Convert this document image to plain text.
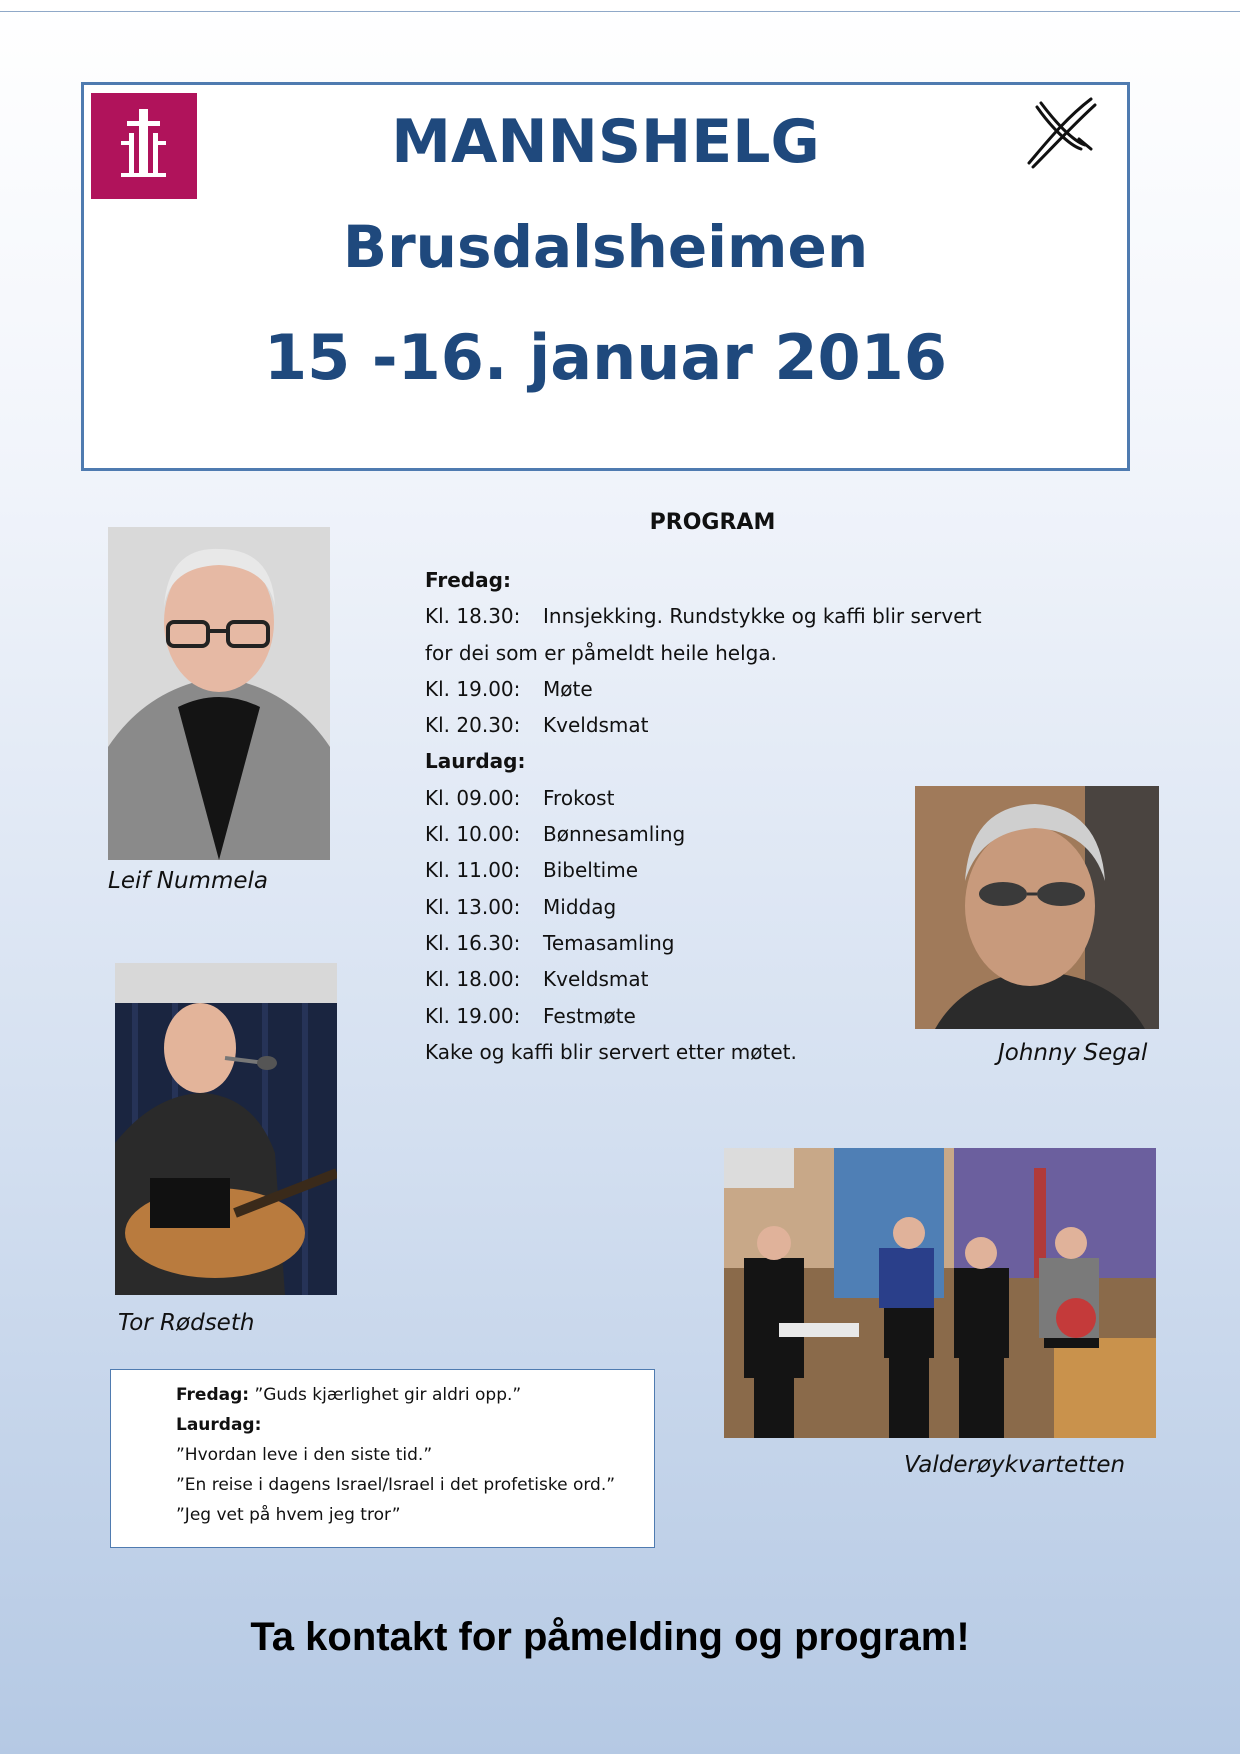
MANNSHELG
Brusdalsheimen
15 -16. januar 2016
Leif Nummela
PROGRAM
Fredag:
Kl. 18.30: Innsjekking. Rundstykke og kaffi blir servert
for dei som er påmeldt heile helga.
Kl. 19.00: Møte
Kl. 20.30: Kveldsmat
Laurdag:
Kl. 09.00: Frokost
Kl. 10.00: Bønnesamling
Kl. 11.00: Bibeltime
Kl. 13.00: Middag
Kl. 16.30: Temasamling
Kl. 18.00: Kveldsmat
Kl. 19.00: Festmøte
Kake og kaffi blir servert etter møtet.	Johnny Segal
Tor Rødseth
Valderøykvartetten
Fredag: ”Guds kjærlighet gir aldri opp.”
Laurdag:
”Hvordan leve i den siste tid.”
”En reise i dagens Israel/Israel i det profetiske ord.”
”Jeg vet på hvem jeg tror”
Ta kontakt for påmelding og program!
